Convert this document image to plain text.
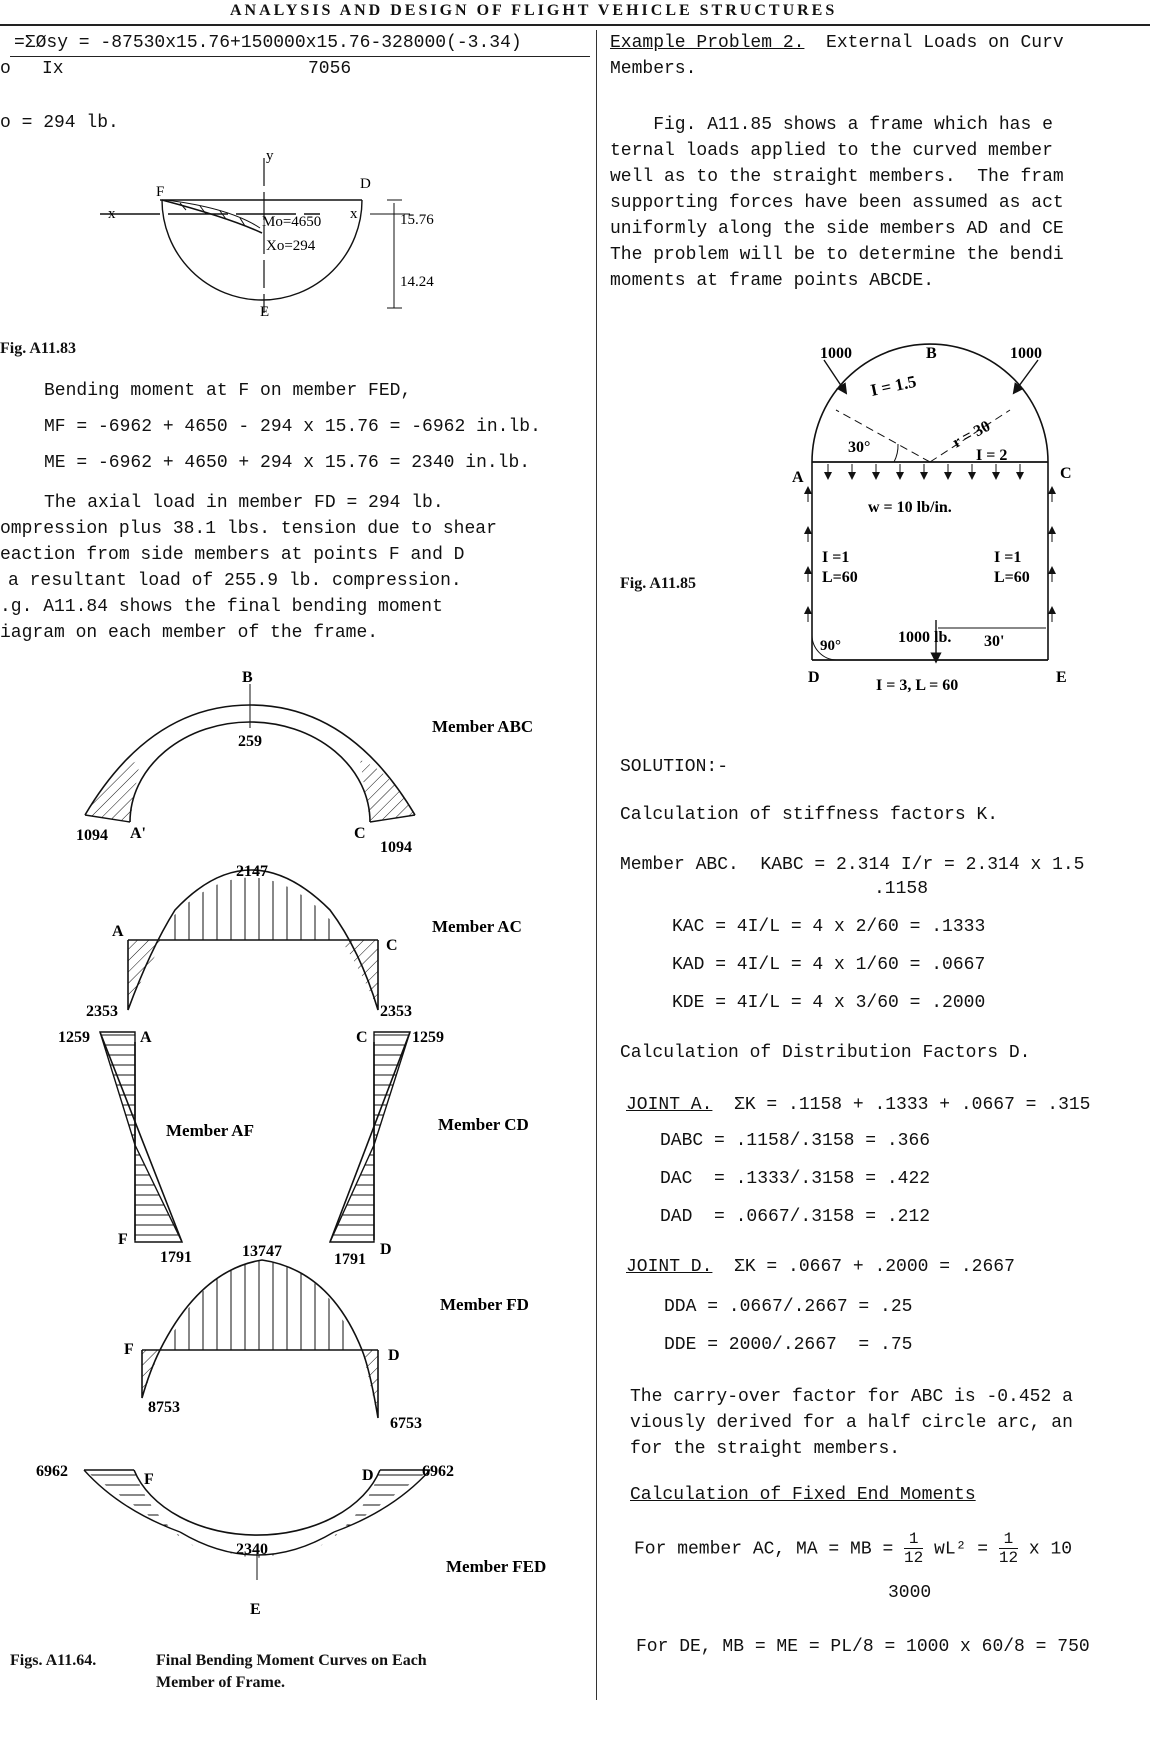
ANALYSIS AND DESIGN OF FLIGHT VEHICLE STRUCTURES
=ΣØsy = -87530x15.76+150000x15.76-328000(-3.34)
o Ix	7056
o = 294 lb.
F	D
y
x	x
E
Mo=4650
Xo=294
15.76
14.24
Fig. A11.83
Bending moment at F on member FED,
MF = -6962 + 4650 - 294 x 15.76 = -6962 in.lb.
ME = -6962 + 4650 + 294 x 15.76 = 2340 in.lb.
The axial load in member FD = 294 lb.
ompression plus 38.1 lbs. tension due to shear
eaction from side members at points F and D
a resultant load of 255.9 lb. compression.
.g. A11.84 shows the final bending moment
iagram on each member of the frame.
B
259
1094 A'	C
1094
Member ABC
2147
A
C
2353	2353
Member AC
1259	A
F
1791
Member AF
C	1259
D
1791
Member CD
13747
F	D
8753
6753
Member FD
6962	F	D	6962
2340
E
Member FED
Figs. A11.64.	Final Bending Moment Curves on Each
Member of Frame.
Example Problem 2.  External Loads on Curv
Members.
Fig. A11.85 shows a frame which has e
ternal loads applied to the curved member
well as to the straight members.  The fram
supporting forces have been assumed as act
uniformly along the side members AD and CE
The problem will be to determine the bendi
moments at frame points ABCDE.
1000	B	1000
I = 1.5
r = 30
30°	I = 2
A	C
w = 10 lb/in.
I =1
L=60
I =1
L=60
1000 lb.
90°	30'
D	E
I = 3, L = 60
Fig. A11.85
SOLUTION:-
Calculation of stiffness factors K.
Member ABC.  KABC = 2.314 I/r = 2.314 x 1.5
.1158
KAC = 4I/L = 4 x 2/60 = .1333
KAD = 4I/L = 4 x 1/60 = .0667
KDE = 4I/L = 4 x 3/60 = .2000
Calculation of Distribution Factors D.
JOINT A.  ΣK = .1158 + .1333 + .0667 = .315
DABC = .1158/.3158 = .366
DAC  = .1333/.3158 = .422
DAD  = .0667/.3158 = .212
JOINT D.  ΣK = .0667 + .2000 = .2667
DDA = .0667/.2667 = .25
DDE = 2000/.2667  = .75
The carry-over factor for ABC is -0.452 a
viously derived for a half circle arc, an
for the straight members.
Calculation of Fixed End Moments
For member AC, MA = MB = $\frac{1}{12} wL^2 = \frac{1}{12}$ x 10
3000
For DE, MB = ME = PL/8 = 1000 x 60/8 = 750
